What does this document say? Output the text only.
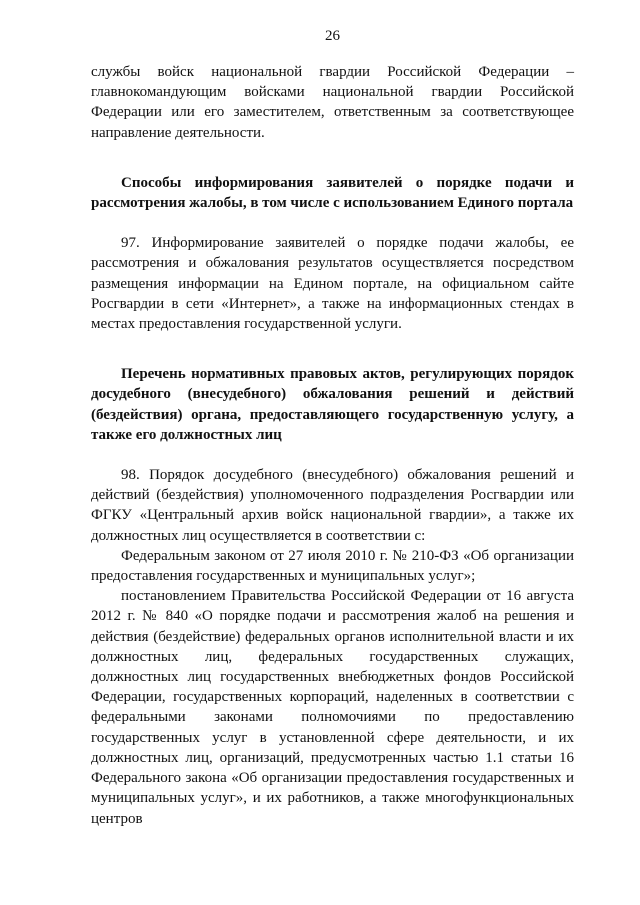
26

службы войск национальной гвардии Российской Федерации – главнокомандующим войсками национальной гвардии Российской Федерации или его заместителем, ответственным за соответствующее направление деятельности.

Способы информирования заявителей о порядке подачи и рассмотрения жалобы, в том числе с использованием Единого портала

97. Информирование заявителей о порядке подачи жалобы, ее рассмотрения и обжалования результатов осуществляется посредством размещения информации на Едином портале, на официальном сайте Росгвардии в сети «Интернет», а также на информационных стендах в местах предоставления государственной услуги.

Перечень нормативных правовых актов, регулирующих порядок досудебного (внесудебного) обжалования решений и действий (бездействия) органа, предоставляющего государственную услугу, а также его должностных лиц

98. Порядок досудебного (внесудебного) обжалования решений и действий (бездействия) уполномоченного подразделения Росгвардии или ФГКУ «Центральный архив войск национальной гвардии», а также их должностных лиц осуществляется в соответствии с:

Федеральным законом от 27 июля 2010 г. № 210-ФЗ «Об организации предоставления государственных и муниципальных услуг»;

постановлением Правительства Российской Федерации от 16 августа 2012 г. № 840 «О порядке подачи и рассмотрения жалоб на решения и действия (бездействие) федеральных органов исполнительной власти и их должностных лиц, федеральных государственных служащих, должностных лиц государственных внебюджетных фондов Российской Федерации, государственных корпораций, наделенных в соответствии с федеральными законами полномочиями по предоставлению государственных услуг в установленной сфере деятельности, и их должностных лиц, организаций, предусмотренных частью 1.1 статьи 16 Федерального закона «Об организации предоставления государственных и муниципальных услуг», и их работников, а также многофункциональных центров
